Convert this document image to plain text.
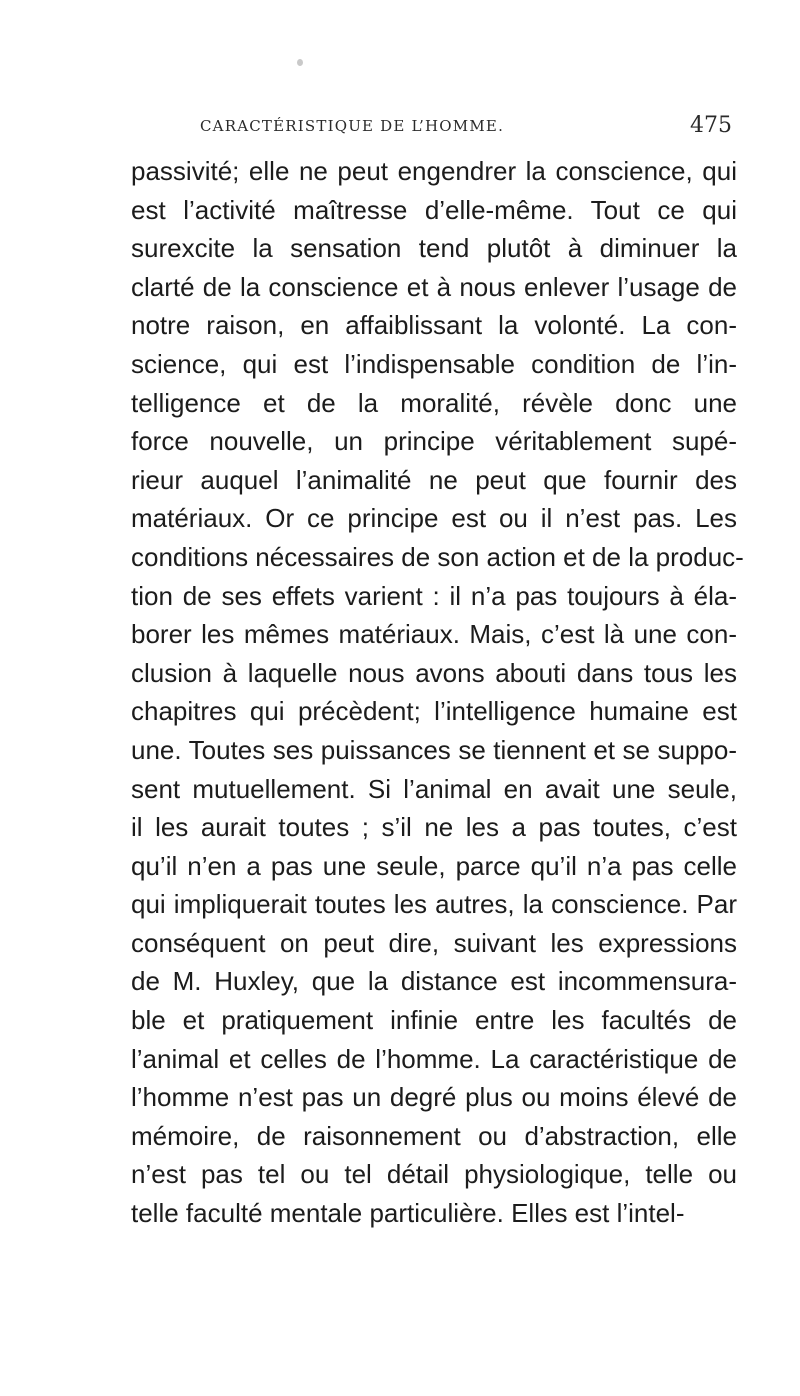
CARACTÉRISTIQUE DE L’HOMME.	475
passivité; elle ne peut engendrer la conscience, qui
est l’activité maîtresse d’elle-même. Tout ce qui
surexcite la sensation tend plutôt à diminuer la
clarté de la conscience et à nous enlever l’usage de
notre raison, en affaiblissant la volonté. La con-
science, qui est l’indispensable condition de l’in-
telligence et de la moralité, révèle donc une
force nouvelle, un principe véritablement supé-
rieur auquel l’animalité ne peut que fournir des
matériaux. Or ce principe est ou il n’est pas. Les
conditions nécessaires de son action et de la produc-
tion de ses effets varient : il n’a pas toujours à éla-
borer les mêmes matériaux. Mais, c’est là une con-
clusion à laquelle nous avons abouti dans tous les
chapitres qui précèdent; l’intelligence humaine est
une. Toutes ses puissances se tiennent et se suppo-
sent mutuellement. Si l’animal en avait une seule,
il les aurait toutes ; s’il ne les a pas toutes, c’est
qu’il n’en a pas une seule, parce qu’il n’a pas celle
qui impliquerait toutes les autres, la conscience. Par
conséquent on peut dire, suivant les expressions
de M. Huxley, que la distance est incommensura-
ble et pratiquement infinie entre les facultés de
l’animal et celles de l’homme. La caractéristique de
l’homme n’est pas un degré plus ou moins élevé de
mémoire, de raisonnement ou d’abstraction, elle
n’est pas tel ou tel détail physiologique, telle ou
telle faculté mentale particulière. Elles est l’intel-
